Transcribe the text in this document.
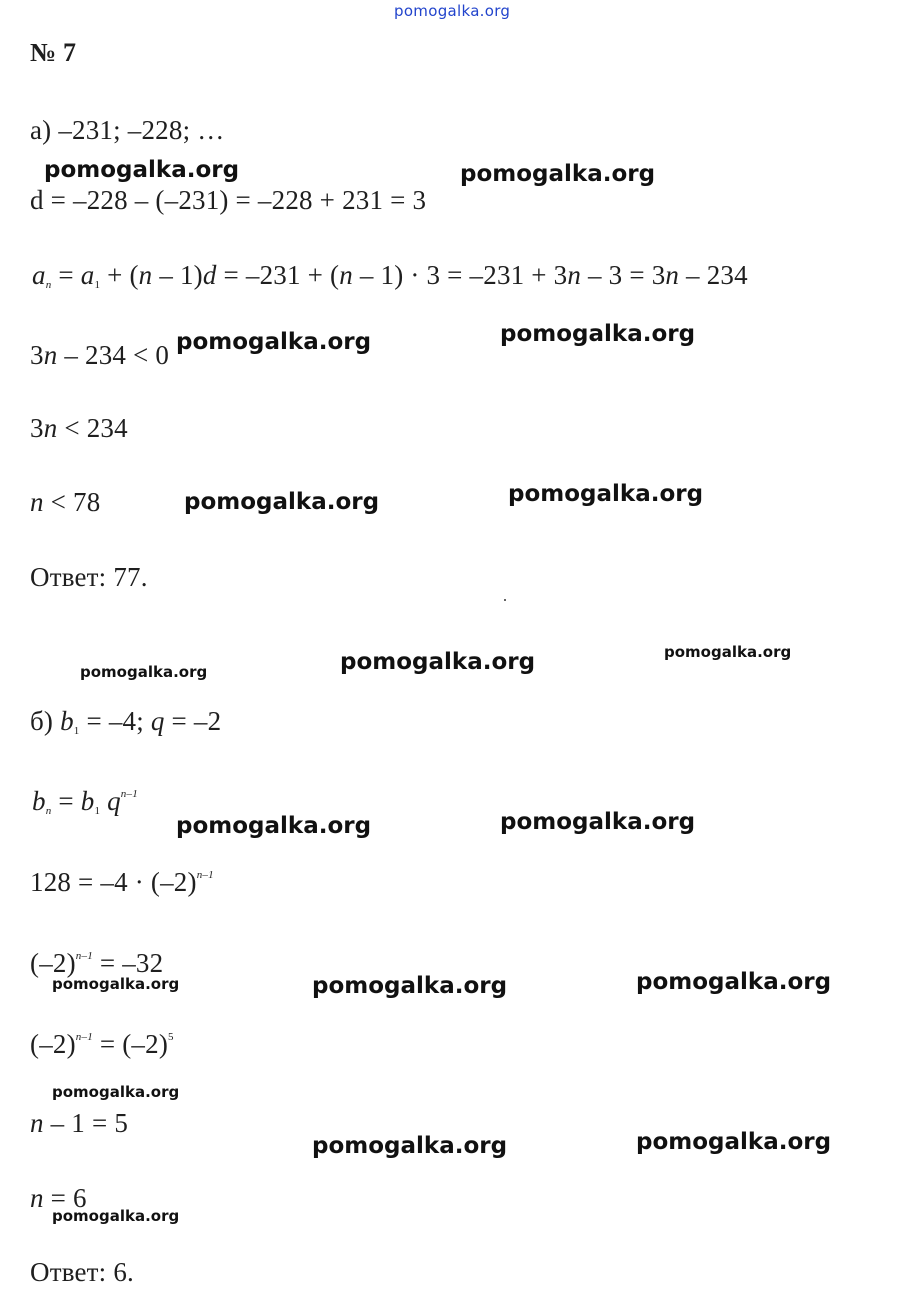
pomogalka.org
№ 7
а) –231; –228; …
d = –228 – (–231) = –228 + 231 = 3
$a_n = a_1 + (n - 1)d = -231 + (n - 1) \cdot 3 = -231 + 3n - 3 = 3n - 234$
3n – 234 < 0
3n < 234
n < 78
Ответ: 77.
б) $b_1 = -4$; q = –2
$b_n = b_1$ $q^{n-1}$
$128 = -4 \cdot (-2)^{n-1}$
$(-2)^{n-1} = -32$
$(-2)^{n-1} = (-2)^5$
n – 1 = 5
n = 6
Ответ: 6.
pomogalka.org	pomogalka.org
pomogalka.org	pomogalka.org
pomogalka.org	pomogalka.org
pomogalka.org	pomogalka.org	pomogalka.org
pomogalka.org	pomogalka.org
pomogalka.org	pomogalka.org	pomogalka.org
pomogalka.org
pomogalka.org	pomogalka.org
pomogalka.org
